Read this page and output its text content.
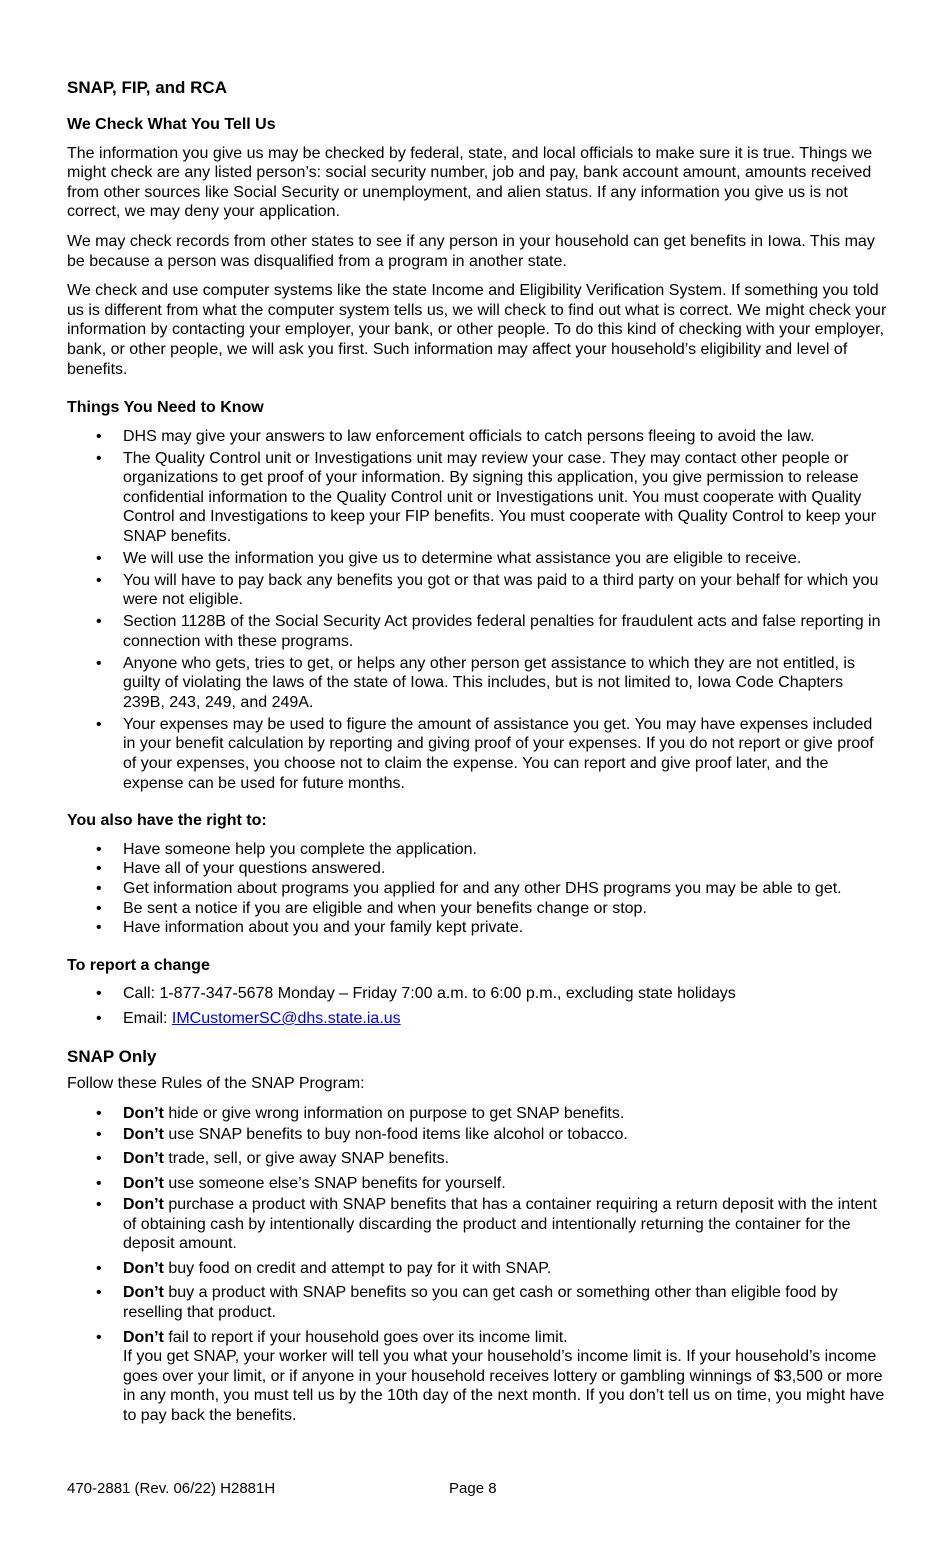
SNAP, FIP, and RCA
We Check What You Tell Us

The information you give us may be checked by federal, state, and local officials to make sure it is true. Things we might check are any listed person’s: social security number, job and pay, bank account amount, amounts received from other sources like Social Security or unemployment, and alien status. If any information you give us is not correct, we may deny your application.

We may check records from other states to see if any person in your household can get benefits in Iowa. This may be because a person was disqualified from a program in another state.

We check and use computer systems like the state Income and Eligibility Verification System. If something you told us is different from what the computer system tells us, we will check to find out what is correct. We might check your information by contacting your employer, your bank, or other people. To do this kind of checking with your employer, bank, or other people, we will ask you first. Such information may affect your household’s eligibility and level of benefits.

Things You Need to Know
• DHS may give your answers to law enforcement officials to catch persons fleeing to avoid the law.
• The Quality Control unit or Investigations unit may review your case. They may contact other people or organizations to get proof of your information. By signing this application, you give permission to release confidential information to the Quality Control unit or Investigations unit. You must cooperate with Quality Control and Investigations to keep your FIP benefits. You must cooperate with Quality Control to keep your SNAP benefits.
• We will use the information you give us to determine what assistance you are eligible to receive.
• You will have to pay back any benefits you got or that was paid to a third party on your behalf for which you were not eligible.
• Section 1128B of the Social Security Act provides federal penalties for fraudulent acts and false reporting in connection with these programs.
• Anyone who gets, tries to get, or helps any other person get assistance to which they are not entitled, is guilty of violating the laws of the state of Iowa. This includes, but is not limited to, Iowa Code Chapters 239B, 243, 249, and 249A.
• Your expenses may be used to figure the amount of assistance you get. You may have expenses included in your benefit calculation by reporting and giving proof of your expenses. If you do not report or give proof of your expenses, you choose not to claim the expense. You can report and give proof later, and the expense can be used for future months.
You also have the right to:
• Have someone help you complete the application.
• Have all of your questions answered.
• Get information about programs you applied for and any other DHS programs you may be able to get.
• Be sent a notice if you are eligible and when your benefits change or stop.
• Have information about you and your family kept private.
To report a change
• Call: 1-877-347-5678 Monday – Friday 7:00 a.m. to 6:00 p.m., excluding state holidays
• Email: IMCustomerSC@dhs.state.ia.us
SNAP Only

Follow these Rules of the SNAP Program:

• Don’t hide or give wrong information on purpose to get SNAP benefits.
• Don’t use SNAP benefits to buy non-food items like alcohol or tobacco.
• Don’t trade, sell, or give away SNAP benefits.
• Don’t use someone else’s SNAP benefits for yourself.
• Don’t purchase a product with SNAP benefits that has a container requiring a return deposit with the intent of obtaining cash by intentionally discarding the product and intentionally returning the container for the deposit amount.
• Don’t buy food on credit and attempt to pay for it with SNAP.
• Don’t buy a product with SNAP benefits so you can get cash or something other than eligible food by reselling that product.
• Don’t fail to report if your household goes over its income limit.
If you get SNAP, your worker will tell you what your household’s income limit is. If your household’s income goes over your limit, or if anyone in your household receives lottery or gambling winnings of $3,500 or more in any month, you must tell us by the 10th day of the next month. If you don’t tell us on time, you might have to pay back the benefits.
470-2881 (Rev. 06/22) H2881H	Page 8
